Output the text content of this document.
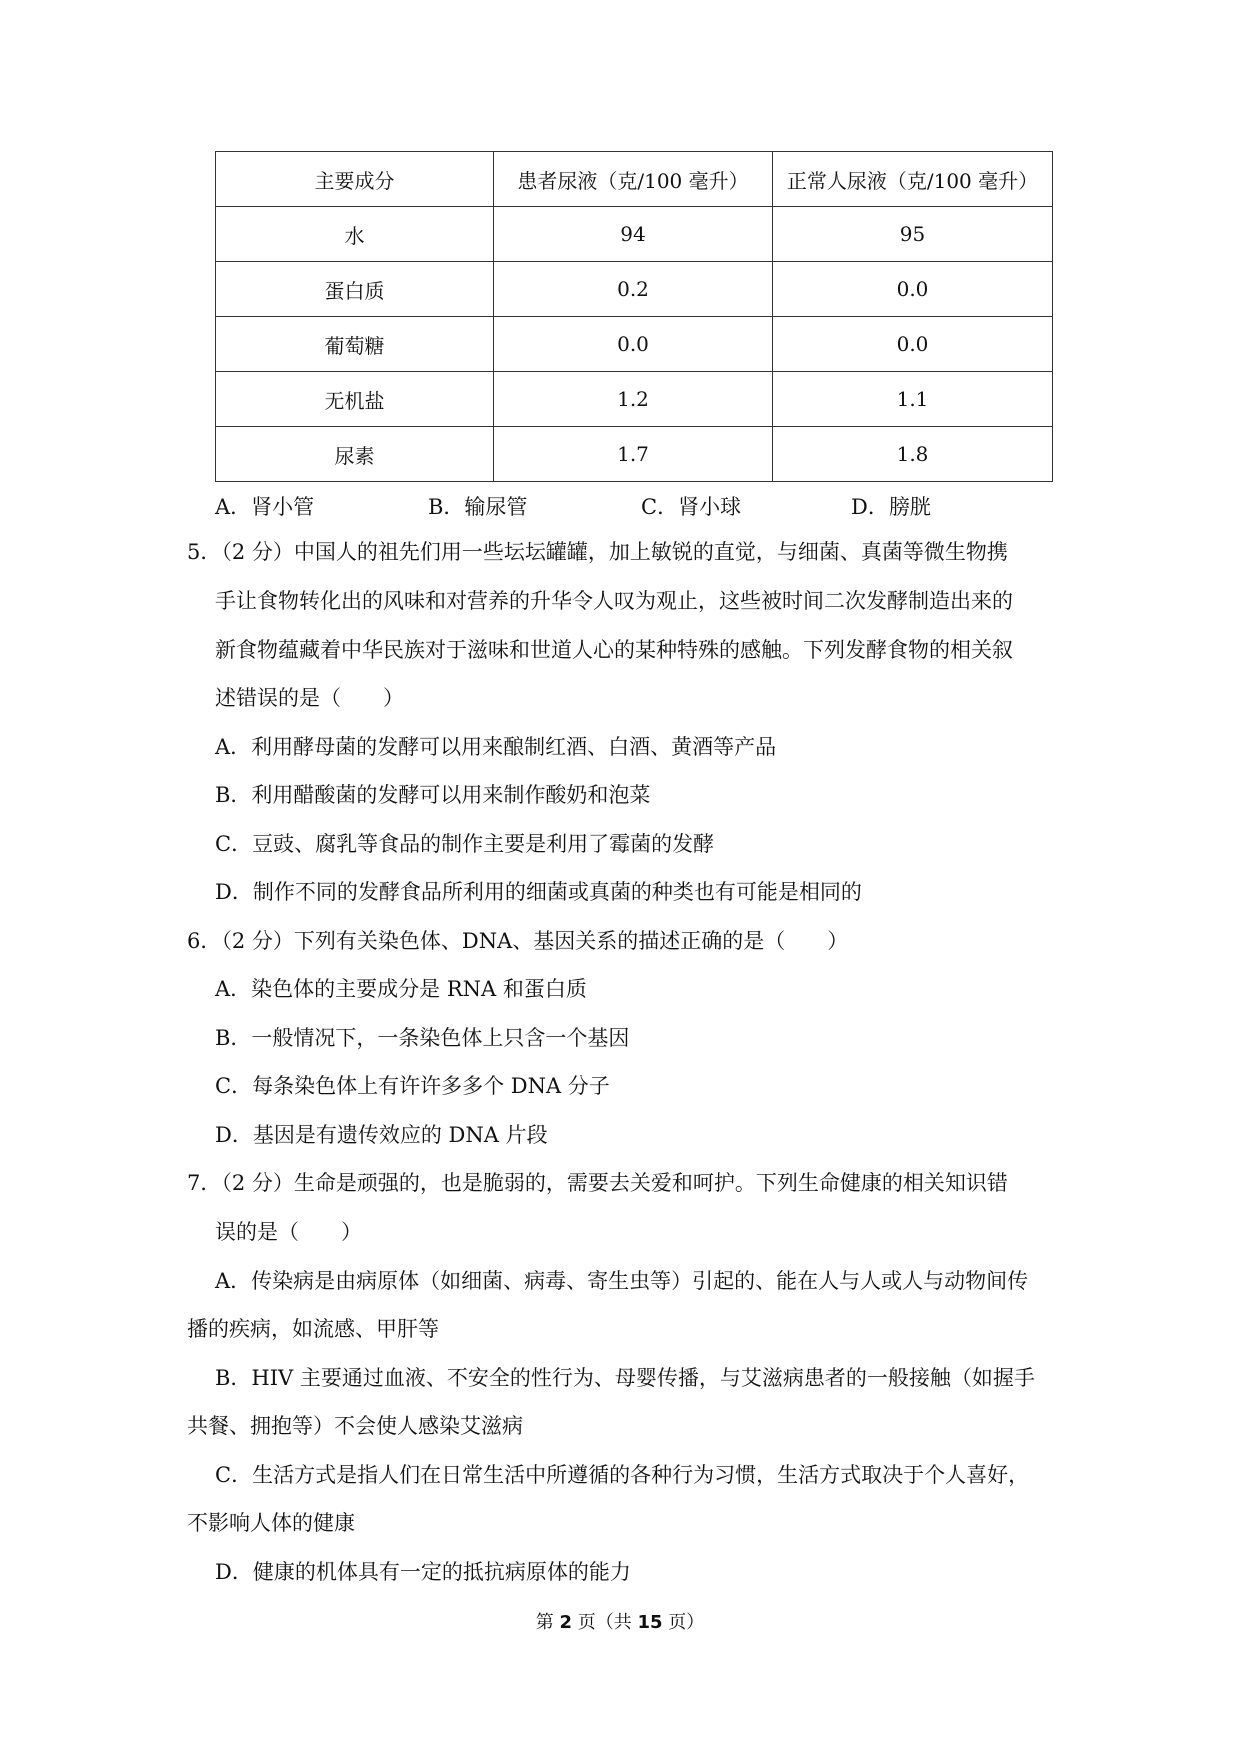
主要成分	患者尿液（克/100 毫升）	正常人尿液（克/100 毫升）
水	94	95
蛋白质	0.2	0.0
葡萄糖	0.0	0.0
无机盐	1.2	1.1
尿素	1.7	1.8
A．肾小管	B．输尿管	C．肾小球	D．膀胱
5．（2 分）中国人的祖先们用一些坛坛罐罐，加上敏锐的直觉，与细菌、真菌等微生物携
手让食物转化出的风味和对营养的升华令人叹为观止，这些被时间二次发酵制造出来的
新食物蕴藏着中华民族对于滋味和世道人心的某种特殊的感触。下列发酵食物的相关叙
述错误的是（　　）
A．利用酵母菌的发酵可以用来酿制红酒、白酒、黄酒等产品
B．利用醋酸菌的发酵可以用来制作酸奶和泡菜
C．豆豉、腐乳等食品的制作主要是利用了霉菌的发酵
D．制作不同的发酵食品所利用的细菌或真菌的种类也有可能是相同的
6．（2 分）下列有关染色体、DNA、基因关系的描述正确的是（　　）
A．染色体的主要成分是 RNA 和蛋白质
B．一般情况下，一条染色体上只含一个基因
C．每条染色体上有许许多多个 DNA 分子
D．基因是有遗传效应的 DNA 片段
7．（2 分）生命是顽强的，也是脆弱的，需要去关爱和呵护。下列生命健康的相关知识错
误的是（　　）
A．传染病是由病原体（如细菌、病毒、寄生虫等）引起的、能在人与人或人与动物间传
播的疾病，如流感、甲肝等
B．HIV 主要通过血液、不安全的性行为、母婴传播，与艾滋病患者的一般接触（如握手
共餐、拥抱等）不会使人感染艾滋病
C．生活方式是指人们在日常生活中所遵循的各种行为习惯，生活方式取决于个人喜好，
不影响人体的健康
D．健康的机体具有一定的抵抗病原体的能力
第 2 页（共 15 页）
